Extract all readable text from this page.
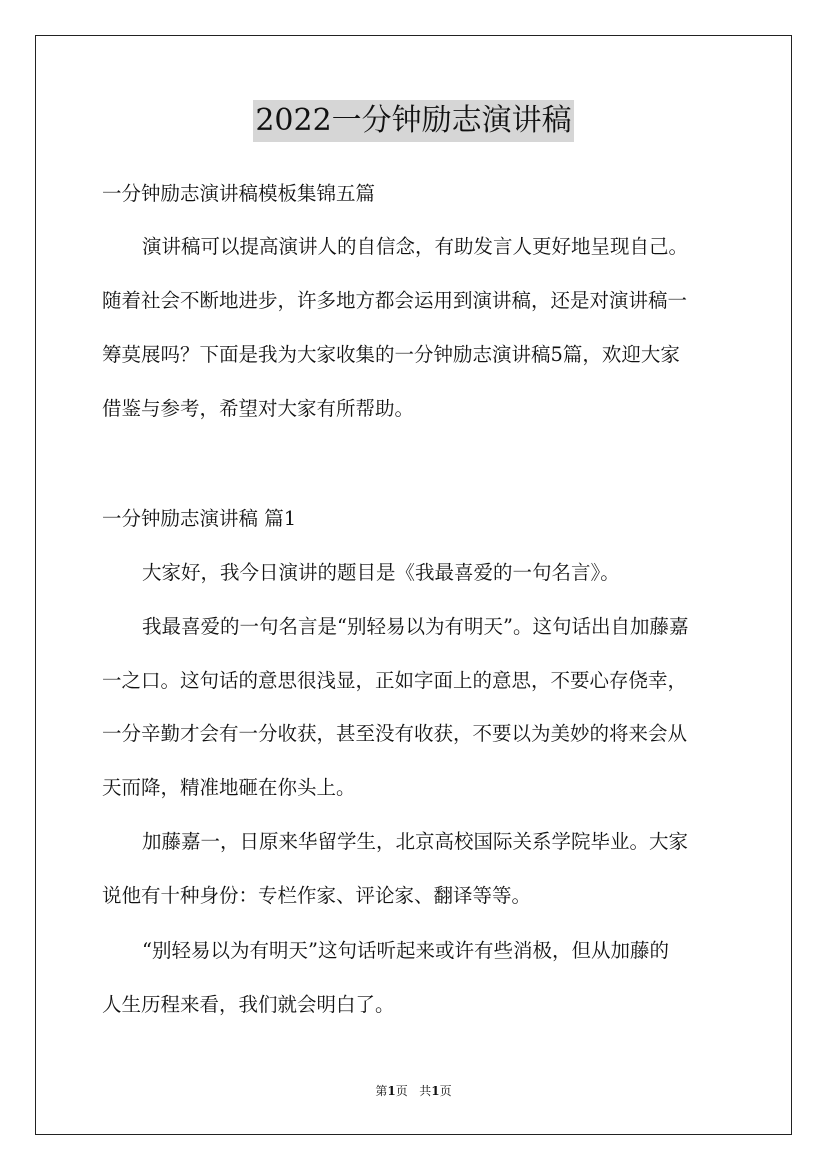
2022一分钟励志演讲稿
一分钟励志演讲稿模板集锦五篇
演讲稿可以提高演讲人的自信念，有助发言人更好地呈现自己。
随着社会不断地进步，许多地方都会运用到演讲稿，还是对演讲稿一
筹莫展吗？下面是我为大家收集的一分钟励志演讲稿5篇，欢迎大家
借鉴与参考，希望对大家有所帮助。
一分钟励志演讲稿 篇1
大家好，我今日演讲的题目是《我最喜爱的一句名言》。
我最喜爱的一句名言是“别轻易以为有明天”。这句话出自加藤嘉
一之口。这句话的意思很浅显，正如字面上的意思，不要心存侥幸，
一分辛勤才会有一分收获，甚至没有收获，不要以为美妙的将来会从
天而降，精准地砸在你头上。
加藤嘉一，日原来华留学生，北京高校国际关系学院毕业。大家
说他有十种身份：专栏作家、评论家、翻译等等。
“别轻易以为有明天”这句话听起来或许有些消极，但从加藤的
人生历程来看，我们就会明白了。
第1页 共1页
